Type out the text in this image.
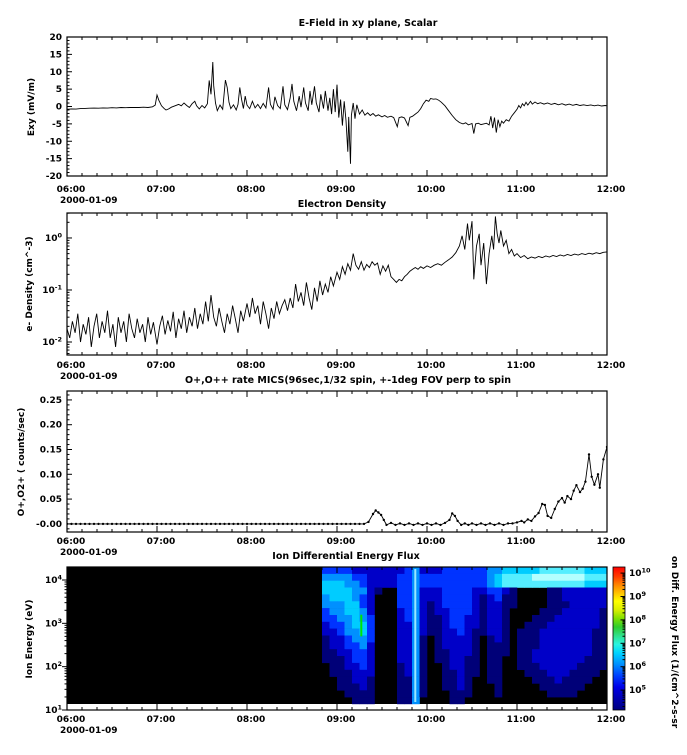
E-Field in xy plane, Scalar
Exy (mV/m)
06:00	07:00	08:00	09:00	10:00	11:00	12:00
2000-01-09
-20
-15
-10
-5
0
5
10
15
20
Electron Density
e- Density (cm^-3)
06:00	07:00	08:00	09:00	10:00	11:00	12:00
2000-01-09
$10^{-2}$
$10^{-1}$
$10^0$
O+,O++ rate MICS(96sec,1/32 spin, +-1deg FOV perp to spin
O+,O2+ ( counts/sec)
06:00	07:00	08:00	09:00	10:00	11:00	12:00
2000-01-09
-0.00
0.05
0.10
0.15
0.20
0.25
Ion Differential Energy Flux
Ion Energy (eV)
06:00	07:00	08:00	09:00	10:00	11:00	12:00
2000-01-09
$10^1$
$10^2$
$10^3$
$10^4$
$10^5$
$10^6$
$10^7$
$10^8$
$10^9$
$10^{10}$ on Diff. Energy Flux (1/(cm^2-s-sr
